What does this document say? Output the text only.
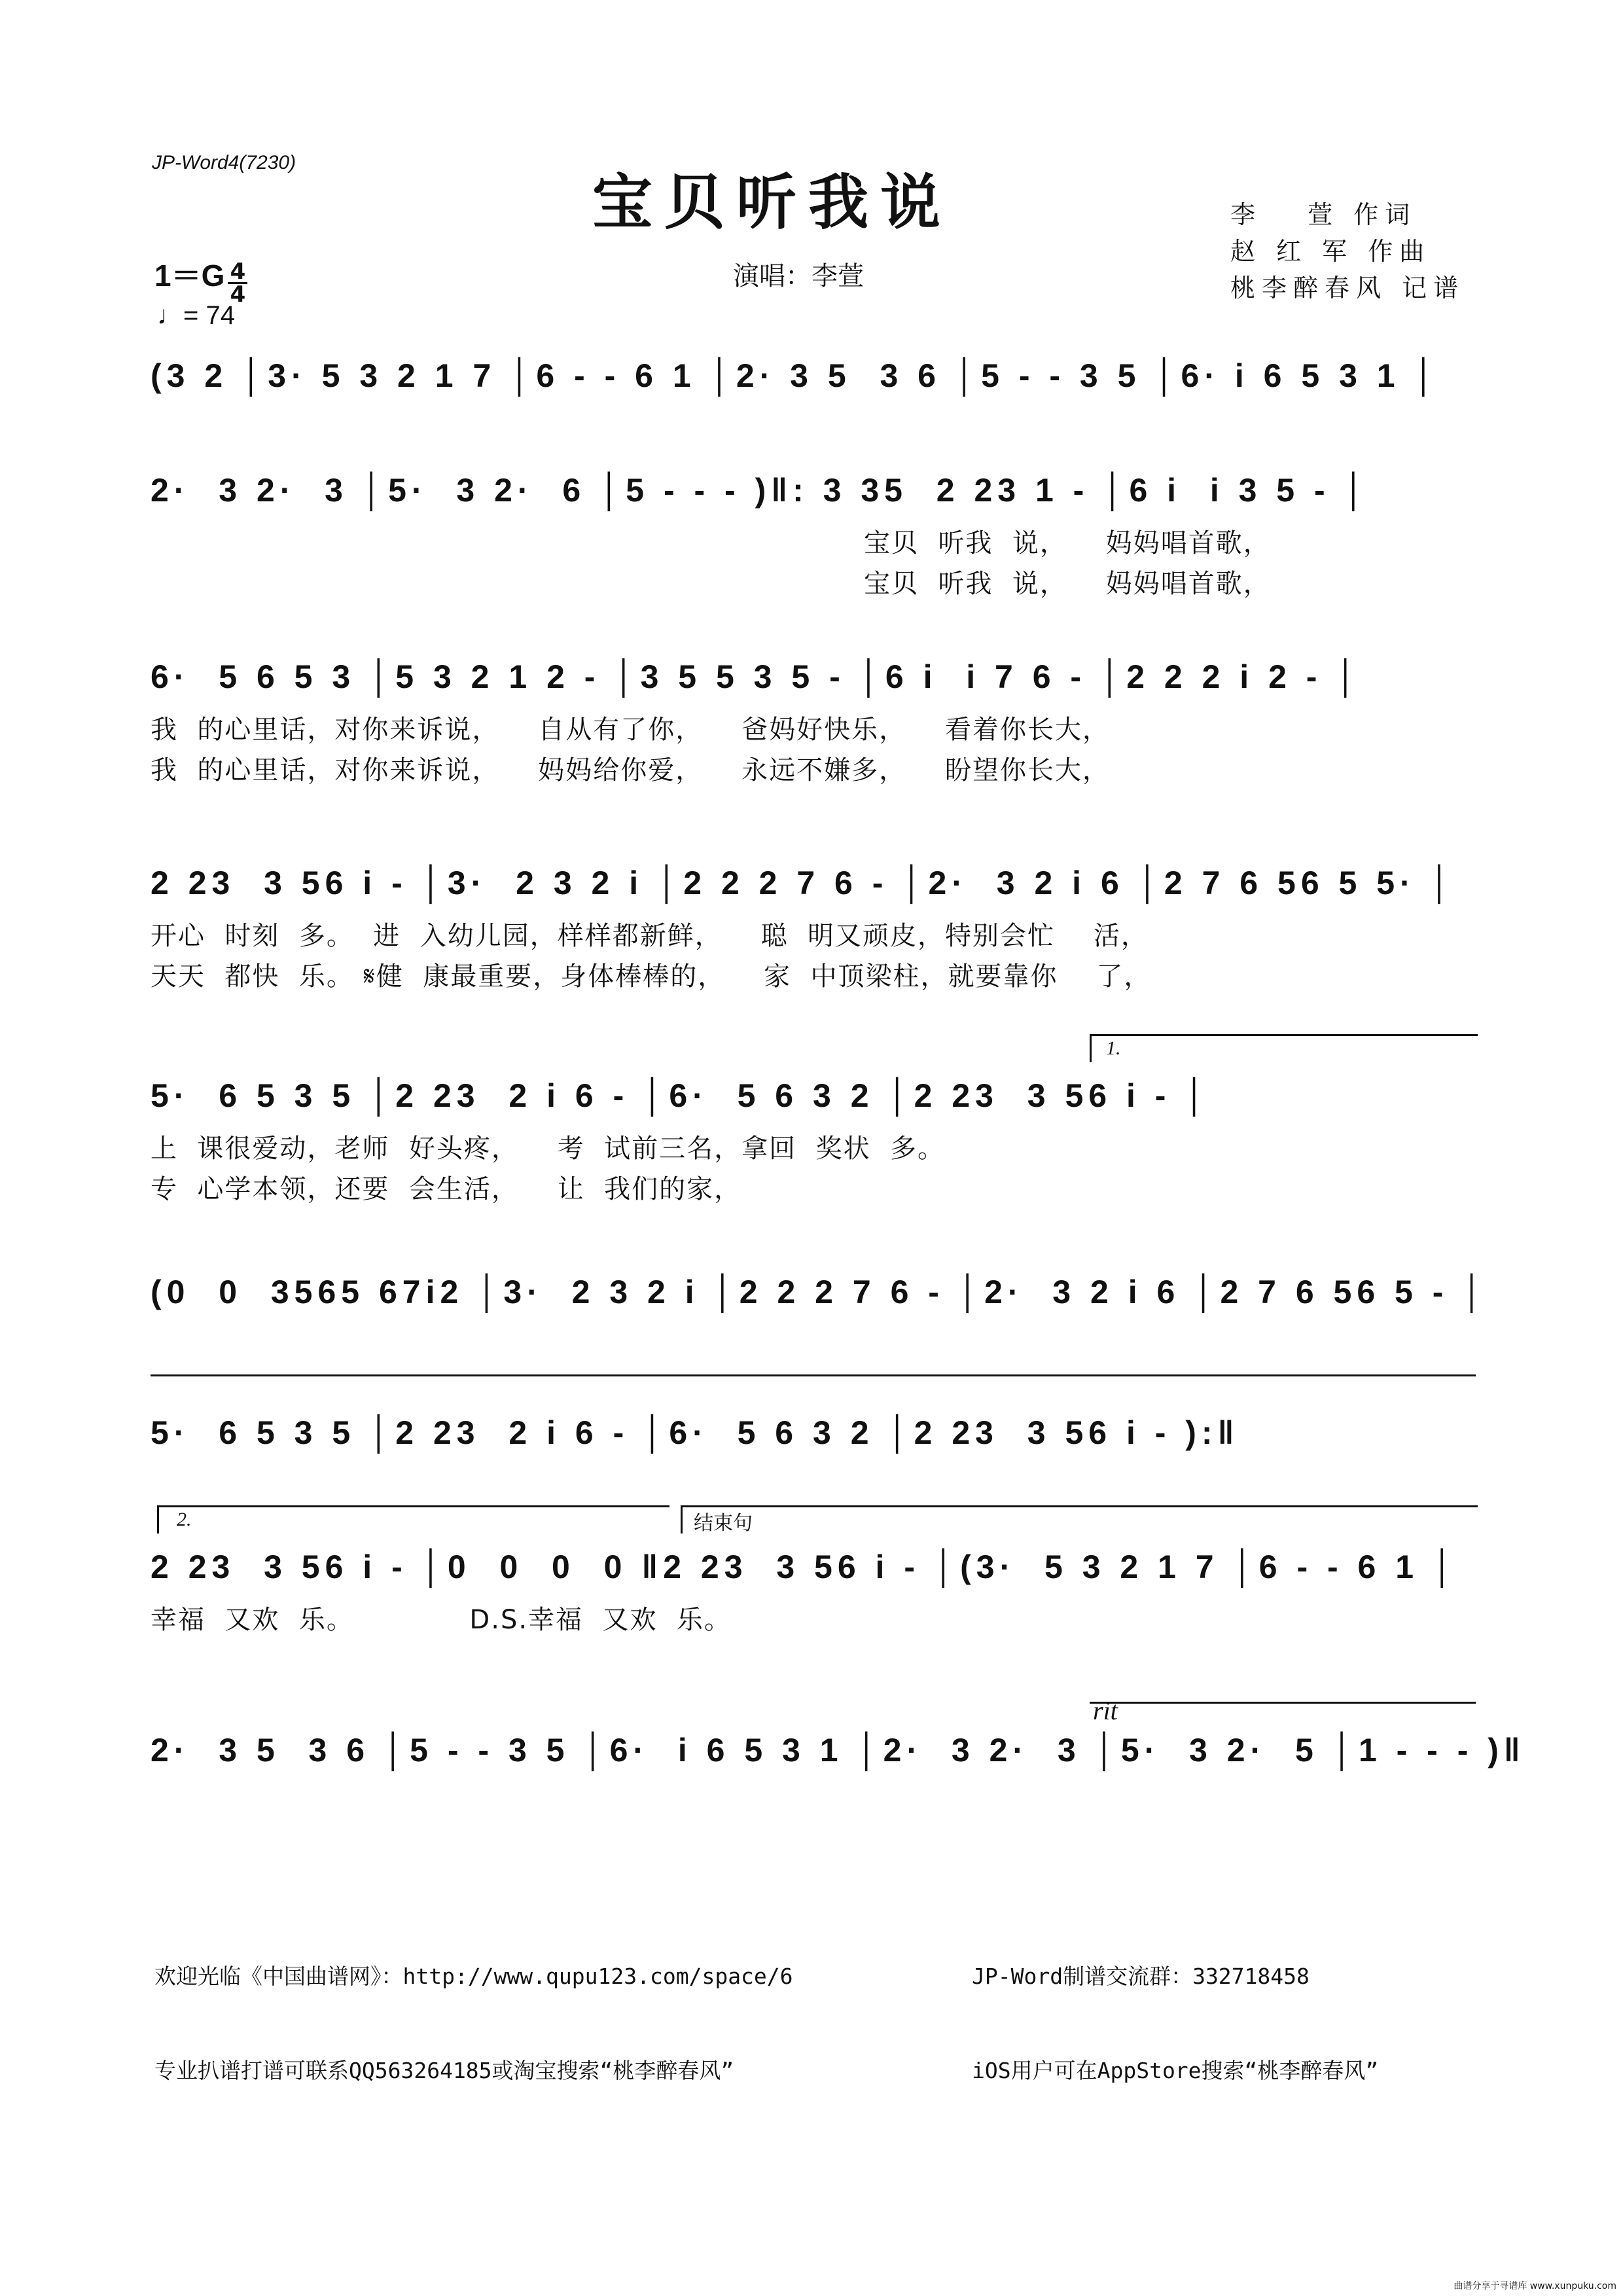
JP-Word4(7230)
宝贝听我说	李　 萱 作词
赵 红 军 作曲
桃李醉春风 记谱
演唱：李萱
$1=G \frac{4}{4}$
♩= 74
(3 2 │3· 5 3 2 1 7 │6 - - 6 1 │2· 3 5  3 6 │5 - - 3 5 │6· i 6 5 3 1 │
2·  3 2·  3 │5·  3 2·  6 │5 - - - )‖: 3 35  2 23 1 - │6 i  i 3 5 - │
宝贝  听我  说，    妈妈唱首歌，
宝贝  听我  说，    妈妈唱首歌，
6·  5 6 5 3 │5 3 2 1 2 - │3 5 5 3 5 - │6 i  i 7 6 - │2 2 2 i 2 - │
我  的心里话，对你来诉说，    自从有了你，    爸妈好快乐，    看着你长大，
我  的心里话，对你来诉说，    妈妈给你爱，    永远不嫌多，    盼望你长大，
2 23  3 56 i - │3·  2 3 2 i │2 2 2 7 6 - │2·  3 2 i 6 │2 7 6 56 5 5· │
开心  时刻  多。  进  入幼儿园，样样都新鲜，    聪  明又顽皮，特别会忙    活，
天天  都快  乐。 𝄋健  康最重要，身体棒棒的，    家  中顶梁柱，就要靠你    了，
1.
5·  6 5 3 5 │2 23  2 i 6 - │6·  5 6 3 2 │2 23  3 56 i - │
上  课很爱动，老师  好头疼，    考  试前三名，拿回  奖状  多。
专  心学本领，还要  会生活，    让  我们的家，
(0  0  3565 67i2 │3·  2 3 2 i │2 2 2 7 6 - │2·  3 2 i 6 │2 7 6 56 5 - │
5·  6 5 3 5 │2 23  2 i 6 - │6·  5 6 3 2 │2 23  3 56 i - ):‖
2.	结束句
2 23  3 56 i - │0  0  0  0 ‖2 23  3 56 i - │(3·  5 3 2 1 7 │6 - - 6 1 │
幸福  又欢  乐。            D.S.幸福  又欢  乐。
rit
2·  3 5  3 6 │5 - - 3 5 │6·  i 6 5 3 1 │2·  3 2·  3 │5·  3 2·  5 │1 - - - )‖

欢迎光临《中国曲谱网》：http://www.qupu123.com/space/6

专业扒谱打谱可联系QQ563264185或淘宝搜索“桃李醉春风”

JP-Word制谱交流群：332718458

iOS用户可在AppStore搜索“桃李醉春风”

曲谱分享于寻谱库 www.xunpuku.com
